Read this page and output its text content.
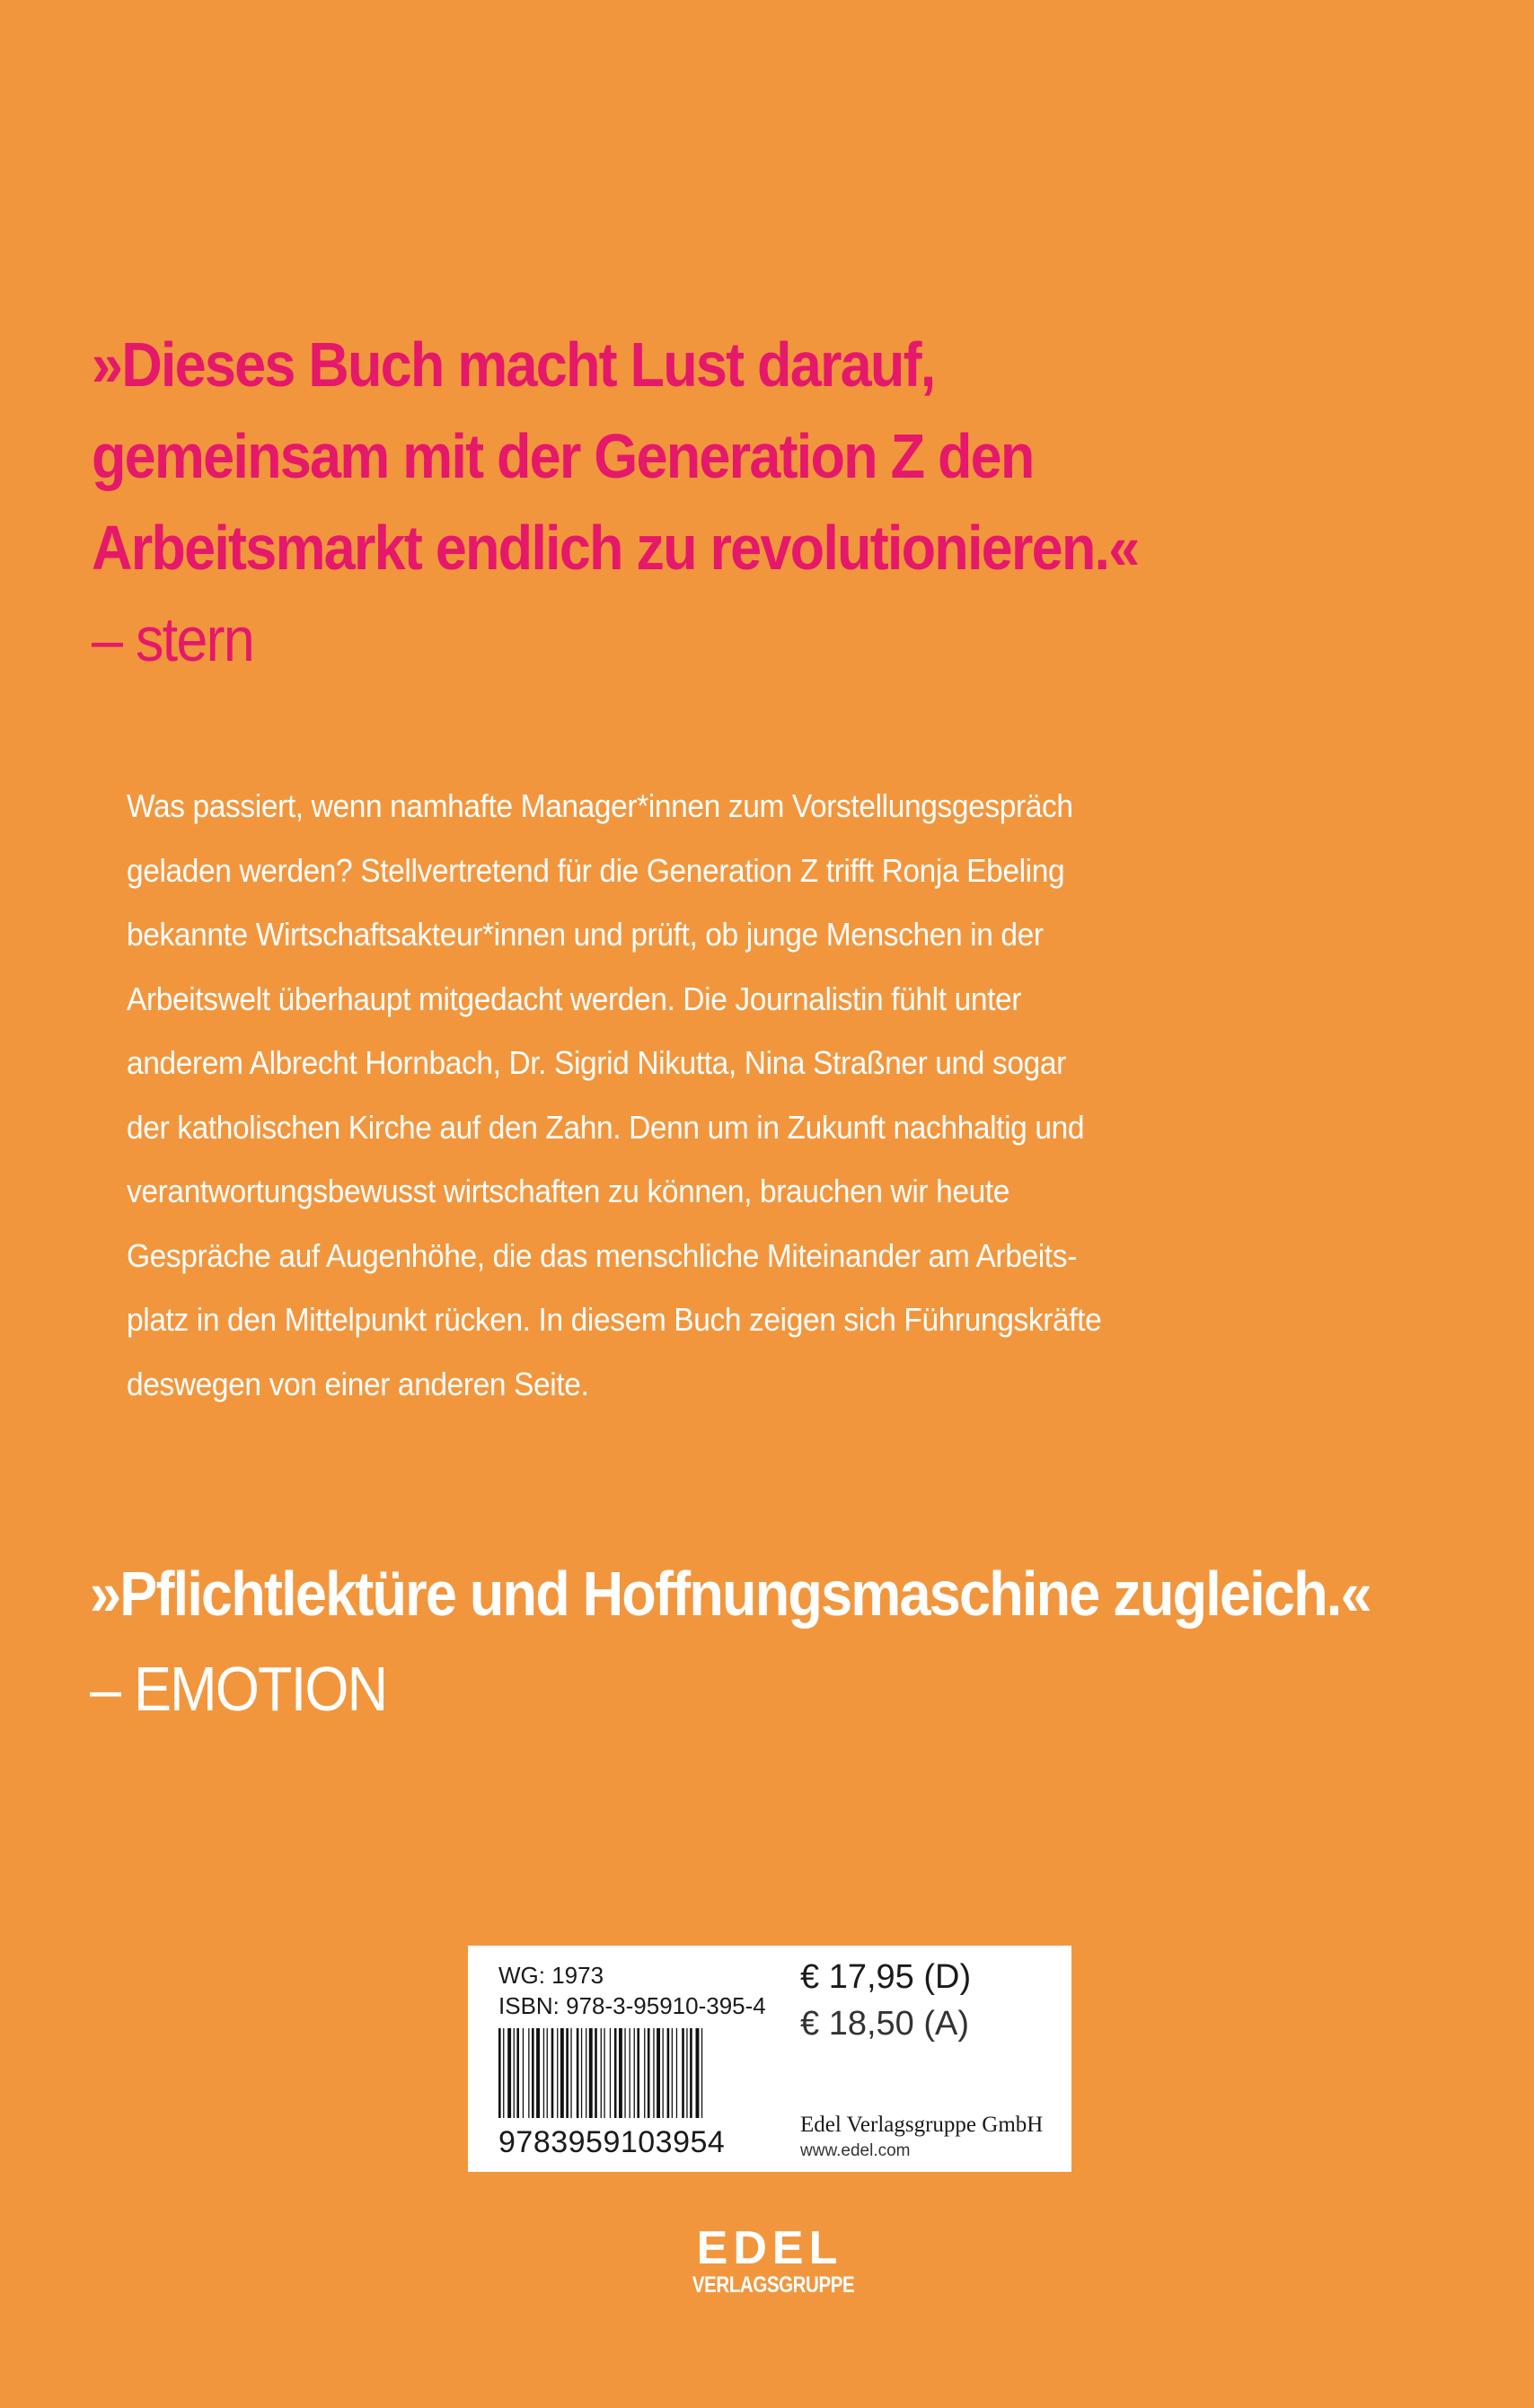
»Dieses Buch macht Lust darauf,
gemeinsam mit der Generation Z den
Arbeitsmarkt endlich zu revolutionieren.«
– stern
Was passiert, wenn namhafte Manager*innen zum Vorstellungsgespräch
geladen werden? Stellvertretend für die Generation Z trifft Ronja Ebeling
bekannte Wirtschaftsakteur*innen und prüft, ob junge Menschen in der
Arbeitswelt überhaupt mitgedacht werden. Die Journalistin fühlt unter
anderem Albrecht Hornbach, Dr. Sigrid Nikutta, Nina Straßner und sogar
der katholischen Kirche auf den Zahn. Denn um in Zukunft nachhaltig und
verantwortungsbewusst wirtschaften zu können, brauchen wir heute
Gespräche auf Augenhöhe, die das menschliche Miteinander am Arbeits-
platz in den Mittelpunkt rücken. In diesem Buch zeigen sich Führungskräfte
deswegen von einer anderen Seite.
»Pflichtlektüre und Hoffnungsmaschine zugleich.«
– EMOTION
WG: 1973
ISBN: 978-3-95910-395-4
9783959103954
€ 17,95 (D)
€ 18,50 (A)
Edel Verlagsgruppe GmbH
www.edel.com
EDEL
VERLAGSGRUPPE
